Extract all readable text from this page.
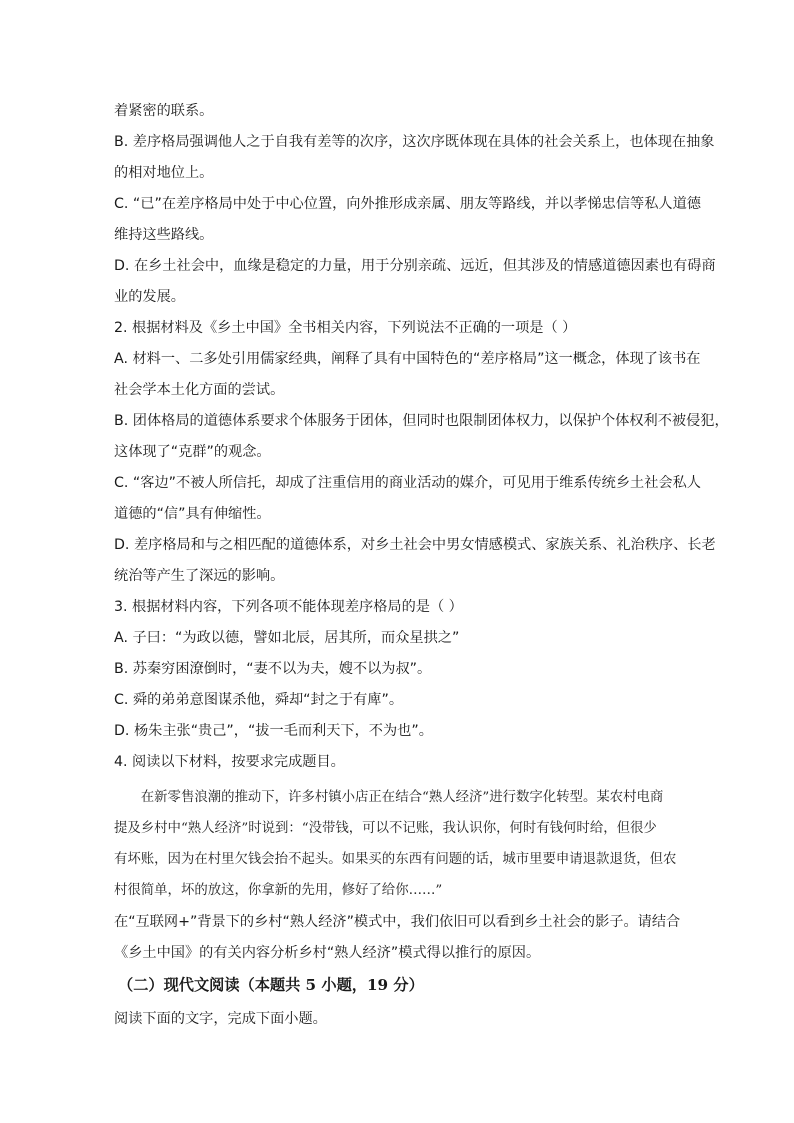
着紧密的联系。

B. 差序格局强调他人之于自我有差等的次序，这次序既体现在具体的社会关系上，也体现在抽象
的相对地位上。

C. “已”在差序格局中处于中心位置，向外推形成亲属、朋友等路线，并以孝悌忠信等私人道德
维持这些路线。

D. 在乡土社会中，血缘是稳定的力量，用于分别亲疏、远近，但其涉及的情感道德因素也有碍商
业的发展。

2. 根据材料及《乡土中国》全书相关内容，下列说法不正确的一项是（ ）

A. 材料一、二多处引用儒家经典，阐释了具有中国特色的“差序格局”这一概念，体现了该书在
社会学本土化方面的尝试。

B. 团体格局的道德体系要求个体服务于团体，但同时也限制团体权力，以保护个体权利不被侵犯，
这体现了“克群”的观念。

C. “客边”不被人所信托，却成了注重信用的商业活动的媒介，可见用于维系传统乡土社会私人
道德的“信”具有伸缩性。

D. 差序格局和与之相匹配的道德体系，对乡土社会中男女情感模式、家族关系、礼治秩序、长老
统治等产生了深远的影响。

3. 根据材料内容，下列各项不能体现差序格局的是（ ）

A. 子曰：“为政以德，譬如北辰，居其所，而众星拱之”

B. 苏秦穷困潦倒时，“妻不以为夫，嫂不以为叔”。

C. 舜的弟弟意图谋杀他，舜却“封之于有庳”。

D. 杨朱主张“贵己”，“拔一毛而利天下，不为也”。

4. 阅读以下材料，按要求完成题目。

　　在新零售浪潮的推动下，许多村镇小店正在结合“熟人经济”进行数字化转型。某农村电商
提及乡村中“熟人经济”时说到：“没带钱，可以不记账，我认识你，何时有钱何时给，但很少
有坏账，因为在村里欠钱会抬不起头。如果买的东西有问题的话，城市里要申请退款退货，但农
村很简单，坏的放这，你拿新的先用，修好了给你……”

在“互联网+”背景下的乡村“熟人经济”模式中，我们依旧可以看到乡土社会的影子。请结合
《乡土中国》的有关内容分析乡村“熟人经济”模式得以推行的原因。

（二）现代文阅读（本题共 5 小题，19 分）

阅读下面的文字，完成下面小题。
